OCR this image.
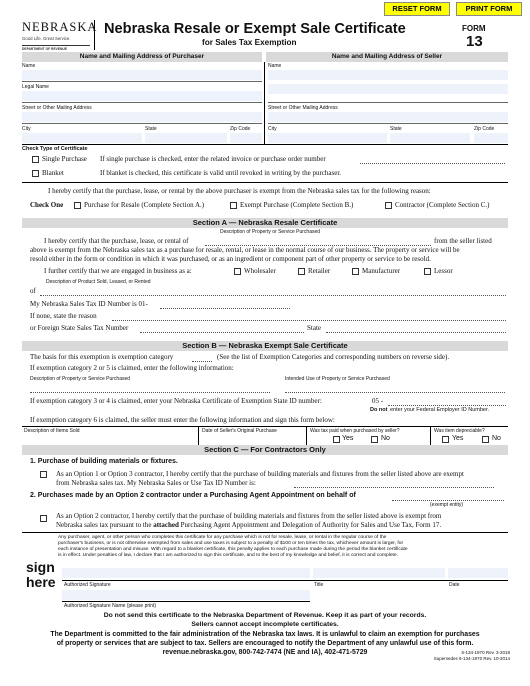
RESET FORM	PRINT FORM
NEBRASKA
Good Life. Great Service.
DEPARTMENT OF REVENUE
Nebraska Resale or Exempt Sale Certificate
for Sales Tax Exemption
FORM
13
Name and Mailing Address of Purchaser	Name and Mailing Address of Seller
Name
Legal Name
Street or Other Mailing Address
City	State	Zip Code
Name
Street or Other Mailing Address
City	State	Zip Code
Check Type of Certificate
Single Purchase If single purchase is checked, enter the related invoice or purchase order number
Blanket	If blanket is checked, this certificate is valid until revoked in writing by the purchaser.
I hereby certify that the purchase, lease, or rental by the above purchaser is exempt from the Nebraska sales tax for the following reason:
Check One	Purchase for Resale (Complete Section A.)	Exempt Purchase (Complete Section B.)	Contractor (Complete Section C.)
Section A — Nebraska Resale Certificate
Description of Property or Service Purchased
I hereby certify that the purchase, lease, or rental of	from the seller listed
above is exempt from the Nebraska sales tax as a purchase for resale, rental, or lease in the normal course of our business. The property or service will be
resold either in the form or condition in which it was purchased, or as an ingredient or component part of other property or service to be resold.
I further certify that we are engaged in business as a:	Wholesaler	Retailer	Manufacturer	Lessor
Description of Product Sold, Leased, or Rented
of
My Nebraska Sales Tax ID Number is 01-
If none, state the reason
or Foreign State Sales Tax Number	State
Section B — Nebraska Exempt Sale Certificate
The basis for this exemption is exemption category	(See the list of Exemption Categories and corresponding numbers on reverse side).
If exemption category 2 or 5 is claimed, enter the following information:
Description of Property or Service Purchased	Intended Use of Property or Service Purchased
If exemption category 3 or 4 is claimed, enter your Nebraska Certificate of Exemption State ID number:	05 -
Do not enter your Federal Employer ID Number.
If exemption category 6 is claimed, the seller must enter the following information and sign this form below:
Description of Items Sold	Date of Seller's Original Purchase	Was tax paid when purchased by seller?
Yes	No
Was item depreciable?
Yes	No
Section C — For Contractors Only
1. Purchase of building materials or fixtures.
As an Option 1 or Option 3 contractor, I hereby certify that the purchase of building materials and fixtures from the seller listed above are exempt
from Nebraska sales tax. My Nebraska Sales or Use Tax ID Number is:
2. Purchases made by an Option 2 contractor under a Purchasing Agent Appointment on behalf of
(exempt entity)
As an Option 2 contractor, I hereby certify that the purchase of building materials and fixtures from the seller listed above is exempt from
Nebraska sales tax pursuant to the attached Purchasing Agent Appointment and Delegation of Authority for Sales and Use Tax, Form 17.
Any purchaser, agent, or other person who completes this certificate for any purchase which is not for resale, lease, or rental in the regular course of the
purchaser's business, or is not otherwise exempted from sales and use taxes is subject to a penalty of $100 or ten times the tax, whichever amount is larger, for
each instance of presentation and misuse. With regard to a blanket certificate, this penalty applies to each purchase made during the period the blanket certificate
is in effect. Under penalties of law, I declare that I am authorized to sign this certificate, and to the best of my knowledge and belief, it is correct and complete.
sign
here Authorized Signature	Title	Date
Authorized Signature Name (please print)
Do not send this certificate to the Nebraska Department of Revenue. Keep it as part of your records.
Sellers cannot accept incomplete certificates.
The Department is committed to the fair administration of the Nebraska tax laws. It is unlawful to claim an exemption for purchases
of property or services that are subject to tax. Sellers are encouraged to notify the Department of any unlawful use of this form.
revenue.nebraska.gov, 800-742-7474 (NE and IA), 402-471-5729	6-134-1970 Rev. 3-2018
Supersedes 6-134-1970 Rev. 10-2014
